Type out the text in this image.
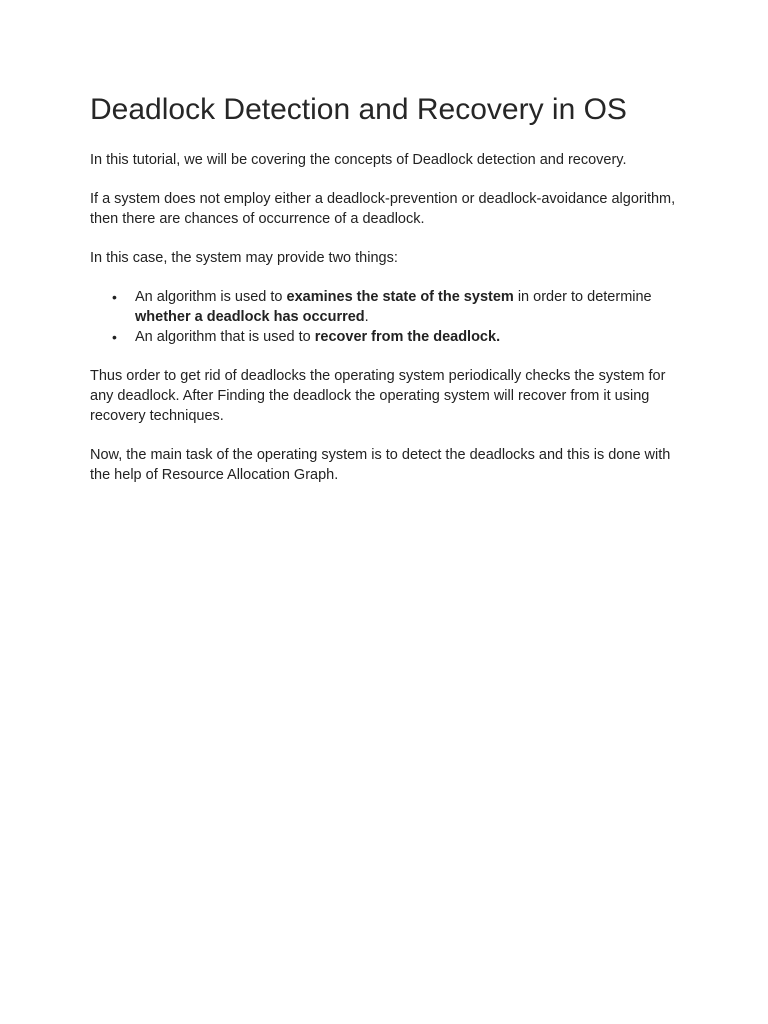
Deadlock Detection and Recovery in OS

In this tutorial, we will be covering the concepts of Deadlock detection and recovery.

If a system does not employ either a deadlock-prevention or deadlock-avoidance algorithm, then there are chances of occurrence of a deadlock.

In this case, the system may provide two things:

• An algorithm is used to examines the state of the system in order to determine whether a deadlock has occurred.
• An algorithm that is used to recover from the deadlock.

Thus order to get rid of deadlocks the operating system periodically checks the system for any deadlock. After Finding the deadlock the operating system will recover from it using recovery techniques.

Now, the main task of the operating system is to detect the deadlocks and this is done with the help of Resource Allocation Graph.
